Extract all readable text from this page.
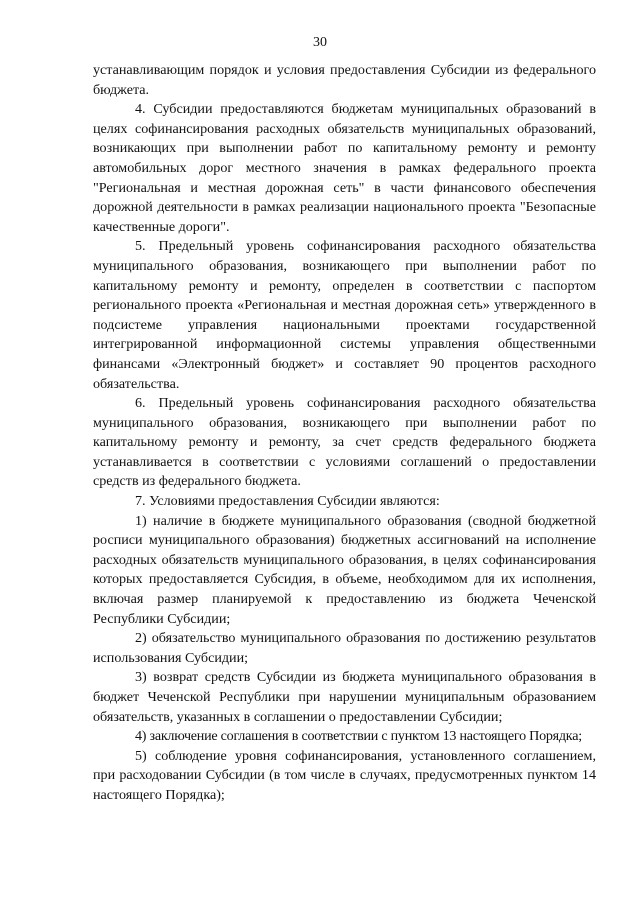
30

устанавливающим порядок и условия предоставления Субсидии из федерального бюджета.

4. Субсидии предоставляются бюджетам муниципальных образований в целях софинансирования расходных обязательств муниципальных образований, возникающих при выполнении работ по капитальному ремонту и ремонту автомобильных дорог местного значения в рамках федерального проекта "Региональная и местная дорожная сеть" в части финансового обеспечения дорожной деятельности в рамках реализации национального проекта "Безопасные качественные дороги".

5. Предельный уровень софинансирования расходного обязательства муниципального образования, возникающего при выполнении работ по капитальному ремонту и ремонту, определен в соответствии с паспортом регионального проекта «Региональная и местная дорожная сеть» утвержденного в подсистеме управления национальными проектами государственной интегрированной информационной системы управления общественными финансами «Электронный бюджет» и составляет 90 процентов расходного обязательства.

6. Предельный уровень софинансирования расходного обязательства муниципального образования, возникающего при выполнении работ по капитальному ремонту и ремонту, за счет средств федерального бюджета устанавливается в соответствии с условиями соглашений о предоставлении средств из федерального бюджета.

7. Условиями предоставления Субсидии являются:

1) наличие в бюджете муниципального образования (сводной бюджетной росписи муниципального образования) бюджетных ассигнований на исполнение расходных обязательств муниципального образования, в целях софинансирования которых предоставляется Субсидия, в объеме, необходимом для их исполнения, включая размер планируемой к предоставлению из бюджета Чеченской Республики Субсидии;

2) обязательство муниципального образования по достижению результатов использования Субсидии;

3) возврат средств Субсидии из бюджета муниципального образования в бюджет Чеченской Республики при нарушении муниципальным образованием обязательств, указанных в соглашении о предоставлении Субсидии;

4) заключение соглашения в соответствии с пунктом 13 настоящего Порядка;

5) соблюдение уровня софинансирования, установленного соглашением, при расходовании Субсидии (в том числе в случаях, предусмотренных пунктом 14 настоящего Порядка);
